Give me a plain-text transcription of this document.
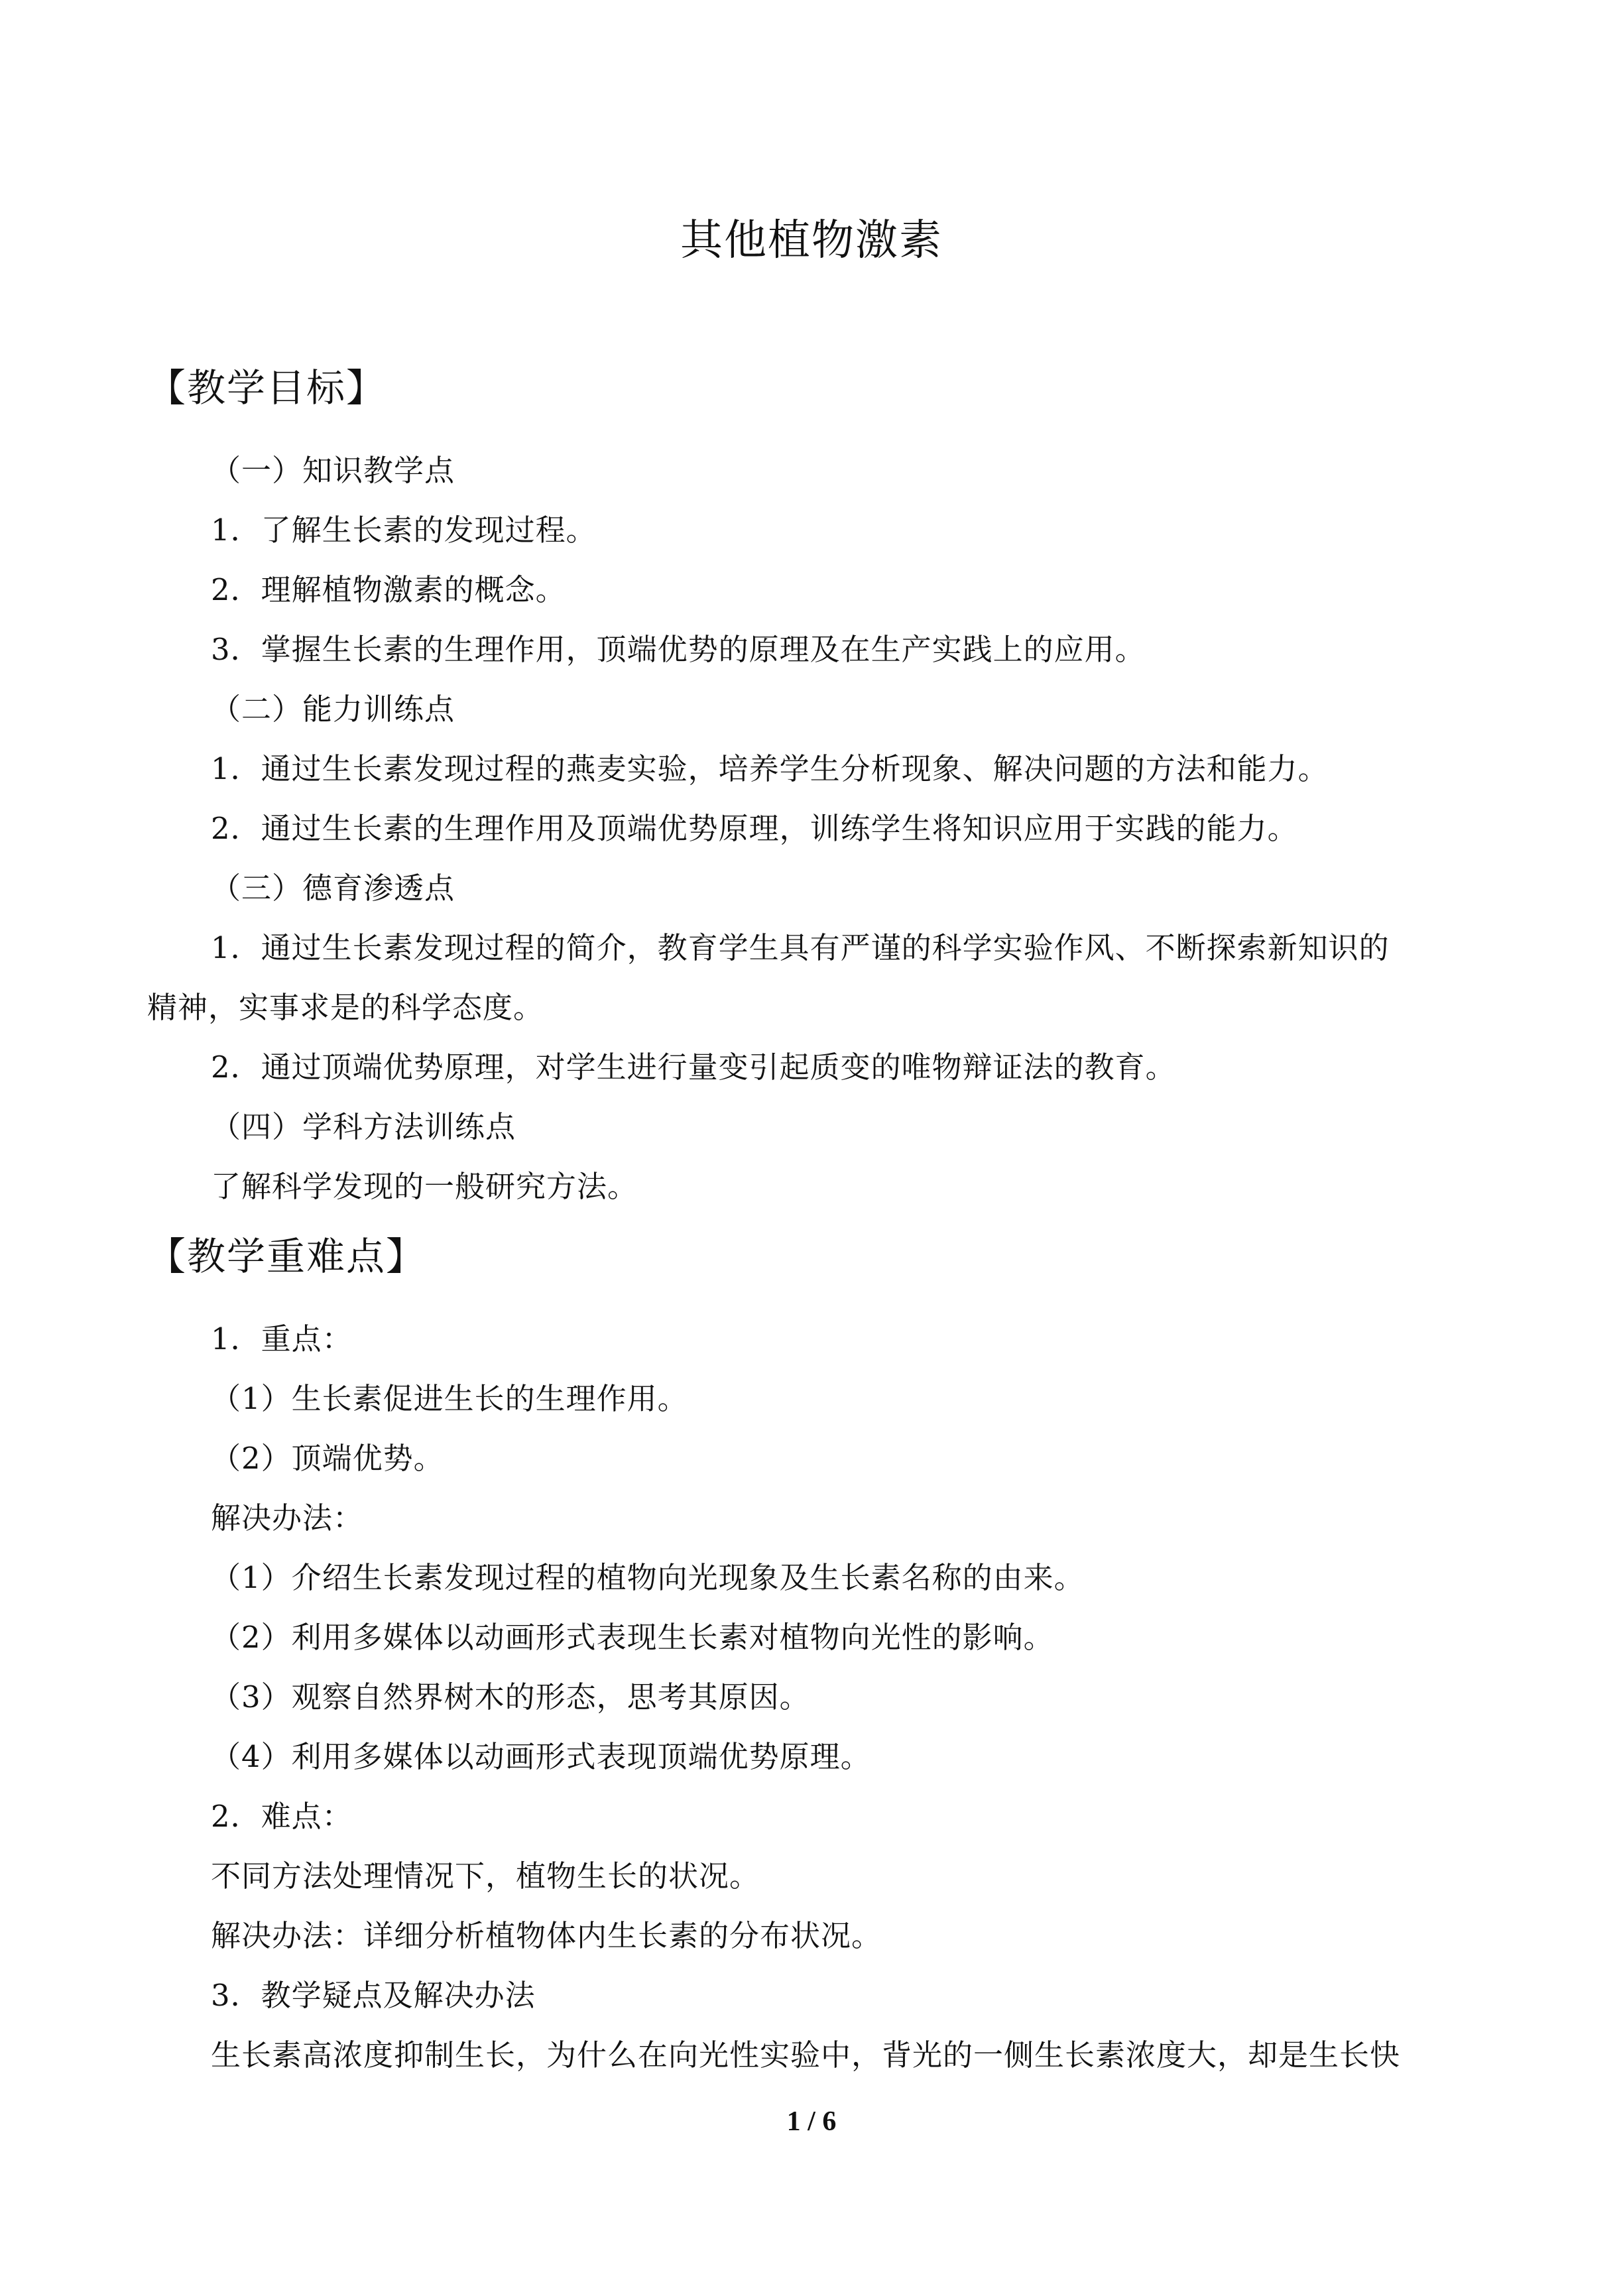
其他植物激素
【教学目标】
（一）知识教学点
1．了解生长素的发现过程。
2．理解植物激素的概念。
3．掌握生长素的生理作用，顶端优势的原理及在生产实践上的应用。
（二）能力训练点
1．通过生长素发现过程的燕麦实验，培养学生分析现象、解决问题的方法和能力。
2．通过生长素的生理作用及顶端优势原理，训练学生将知识应用于实践的能力。
（三）德育渗透点
1．通过生长素发现过程的简介，教育学生具有严谨的科学实验作风、不断探索新知识的
精神，实事求是的科学态度。
2．通过顶端优势原理，对学生进行量变引起质变的唯物辩证法的教育。
（四）学科方法训练点
了解科学发现的一般研究方法。
【教学重难点】
1．重点：
（1）生长素促进生长的生理作用。
（2）顶端优势。
解决办法：
（1）介绍生长素发现过程的植物向光现象及生长素名称的由来。
（2）利用多媒体以动画形式表现生长素对植物向光性的影响。
（3）观察自然界树木的形态，思考其原因。
（4）利用多媒体以动画形式表现顶端优势原理。
2．难点：
不同方法处理情况下，植物生长的状况。
解决办法：详细分析植物体内生长素的分布状况。
3．教学疑点及解决办法
生长素高浓度抑制生长，为什么在向光性实验中，背光的一侧生长素浓度大，却是生长快
1 / 6
